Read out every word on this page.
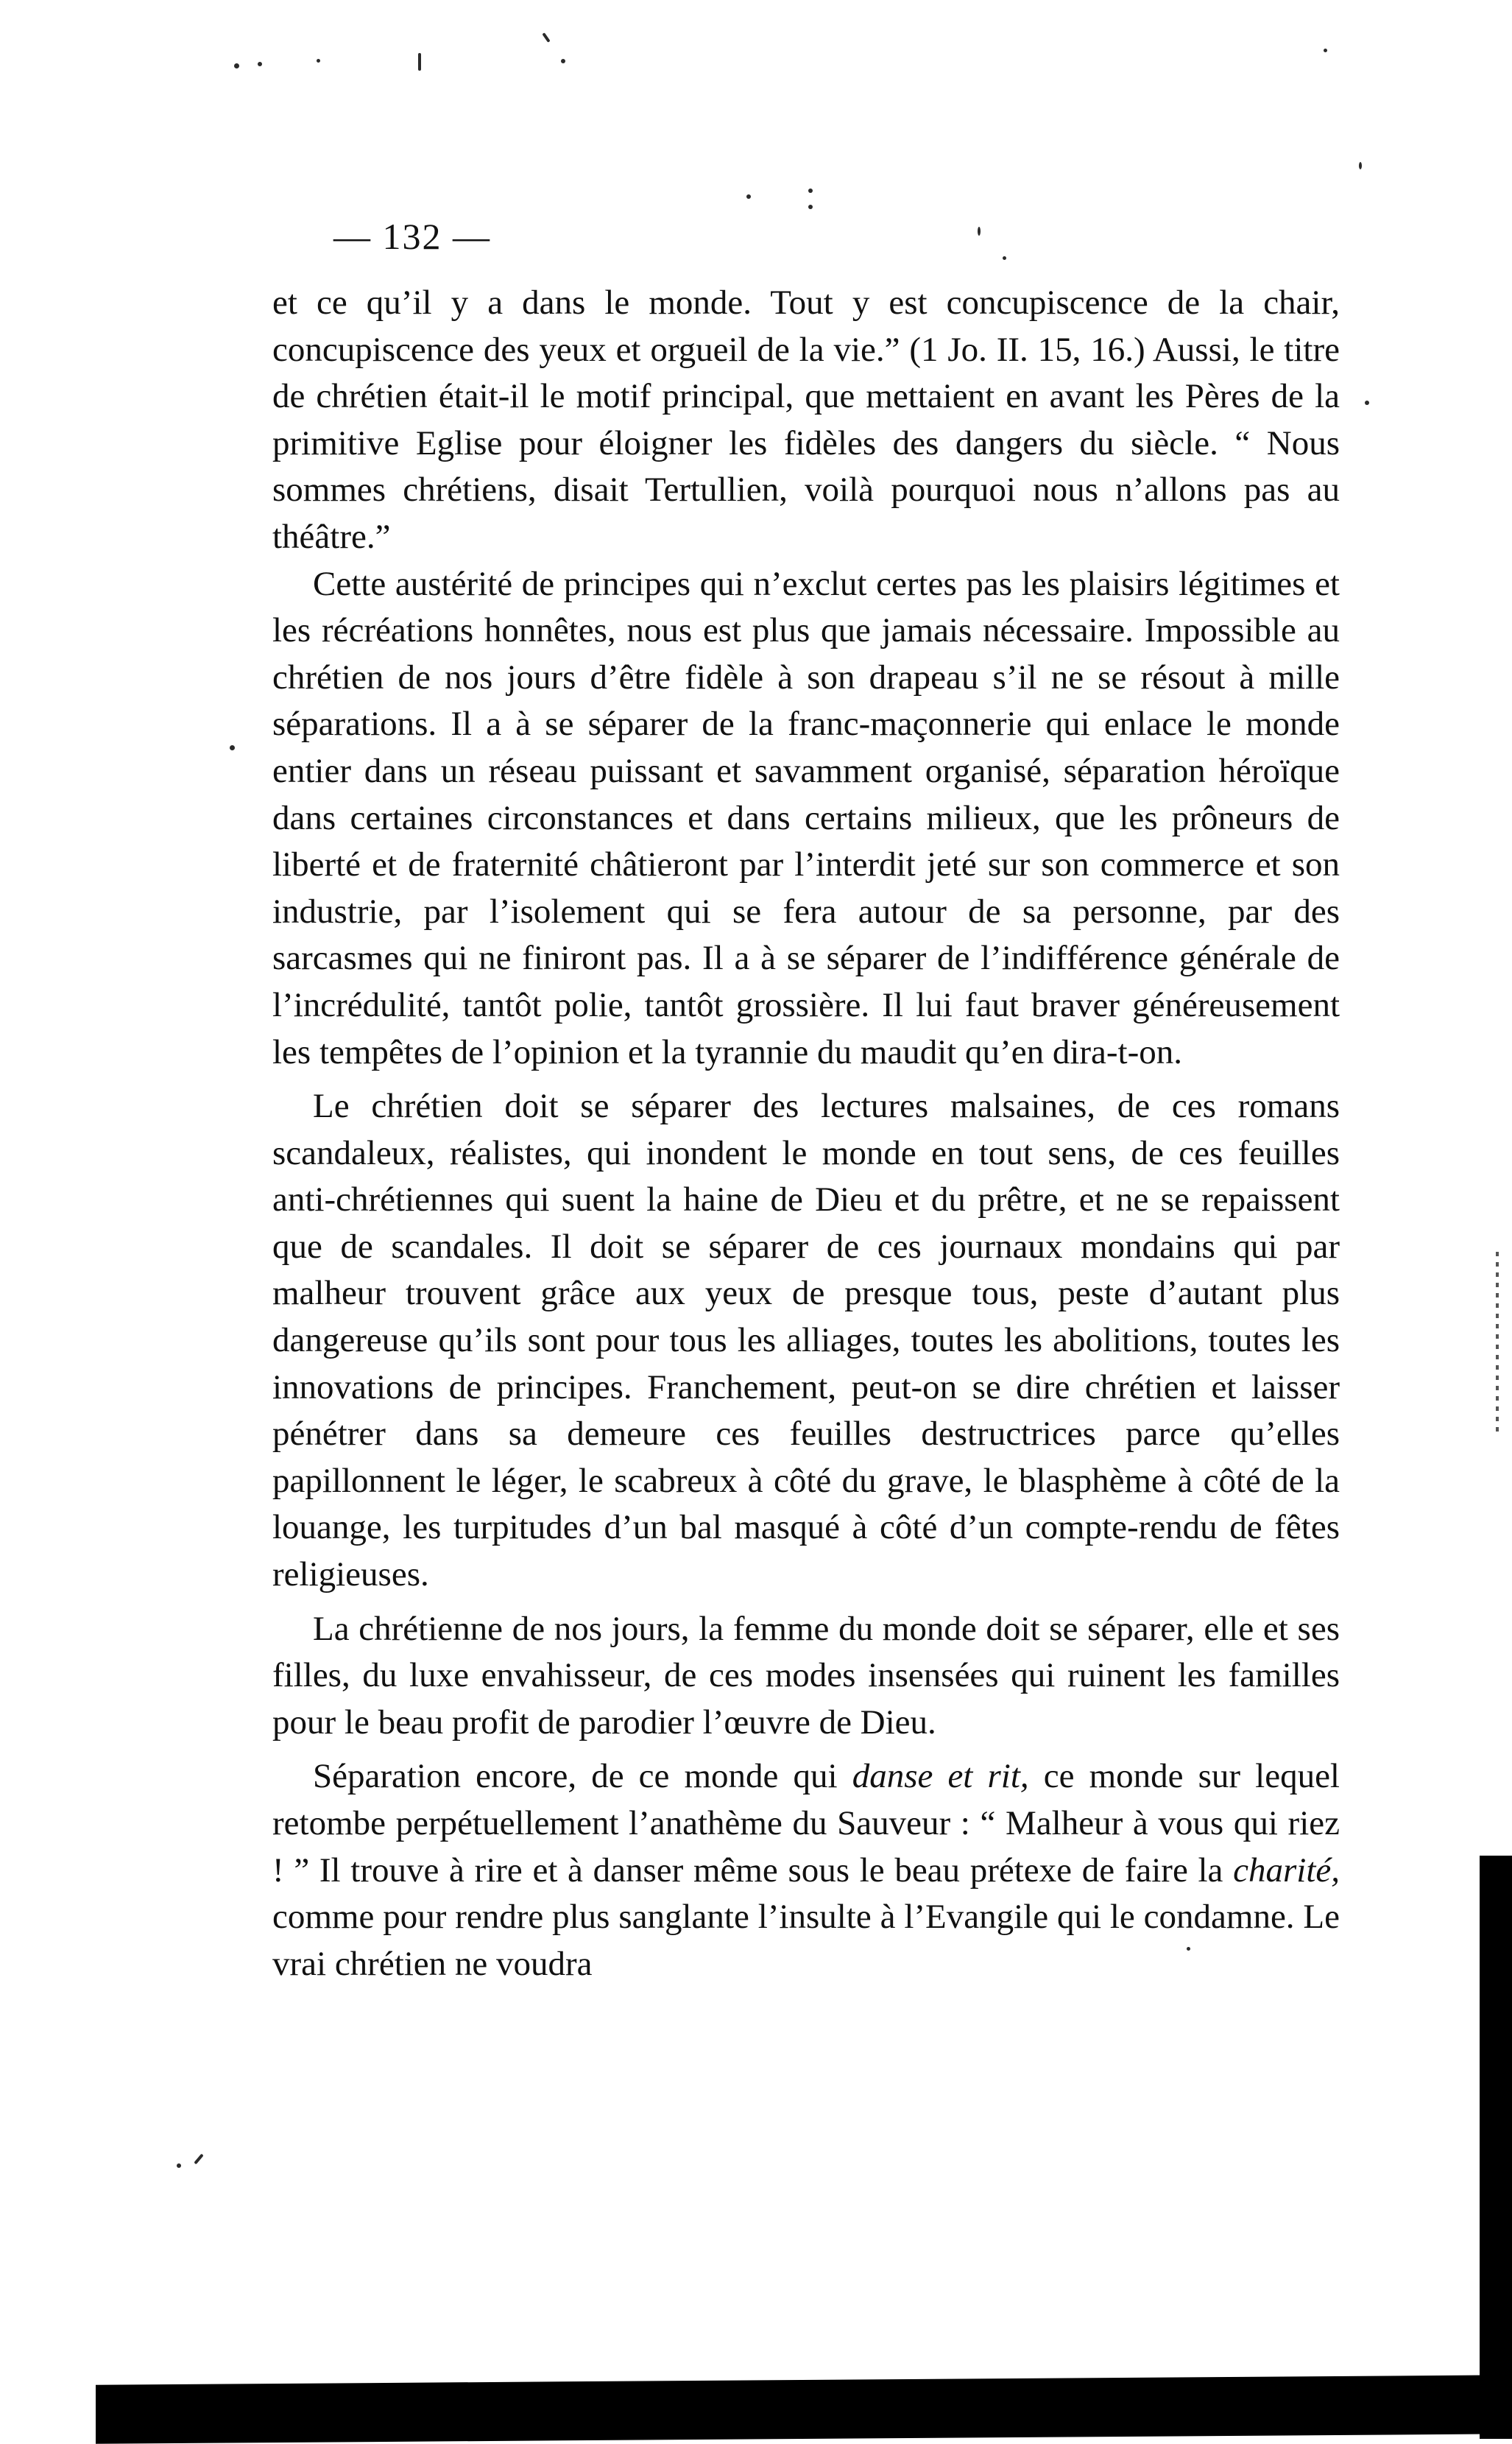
— 132 —

et ce qu’il y a dans le monde. Tout y est concupiscence de la chair, concupiscence des yeux et orgueil de la vie.” (1 Jo. II. 15, 16.) Aussi, le titre de chrétien était-il le motif principal, que mettaient en avant les Pères de la primitive Eglise pour éloigner les fidèles des dangers du siècle. “ Nous sommes chrétiens, disait Tertullien, voilà pourquoi nous n’allons pas au théâtre.”

Cette austérité de principes qui n’exclut certes pas les plaisirs légitimes et les récréations honnêtes, nous est plus que jamais nécessaire. Impossible au chrétien de nos jours d’être fidèle à son drapeau s’il ne se résout à mille séparations. Il a à se séparer de la franc-maçonnerie qui enlace le monde entier dans un réseau puissant et savamment organisé, séparation héroïque dans certaines circonstances et dans certains milieux, que les prôneurs de liberté et de fraternité châtieront par l’interdit jeté sur son commerce et son industrie, par l’isolement qui se fera autour de sa personne, par des sarcasmes qui ne finiront pas. Il a à se séparer de l’indifférence générale de l’incrédulité, tantôt polie, tantôt grossière. Il lui faut braver généreusement les tempêtes de l’opinion et la tyrannie du maudit qu’en dira-t-on.

Le chrétien doit se séparer des lectures malsaines, de ces romans scandaleux, réalistes, qui inondent le monde en tout sens, de ces feuilles anti-chrétiennes qui suent la haine de Dieu et du prêtre, et ne se repaissent que de scandales. Il doit se séparer de ces journaux mondains qui par malheur trouvent grâce aux yeux de presque tous, peste d’autant plus dangereuse qu’ils sont pour tous les alliages, toutes les abolitions, toutes les innovations de principes. Franchement, peut-on se dire chrétien et laisser pénétrer dans sa demeure ces feuilles destructrices parce qu’elles papillonnent le léger, le scabreux à côté du grave, le blasphème à côté de la louange, les turpitudes d’un bal masqué à côté d’un compte-rendu de fêtes religieuses.

La chrétienne de nos jours, la femme du monde doit se séparer, elle et ses filles, du luxe envahisseur, de ces modes insensées qui ruinent les familles pour le beau profit de parodier l’œuvre de Dieu.

Séparation encore, de ce monde qui danse et rit, ce monde sur lequel retombe perpétuellement l’anathème du Sauveur : “ Malheur à vous qui riez ! ” Il trouve à rire et à danser même sous le beau prétexe de faire la charité, comme pour rendre plus sanglante l’insulte à l’Evangile qui le condamne. Le vrai chrétien ne voudra
